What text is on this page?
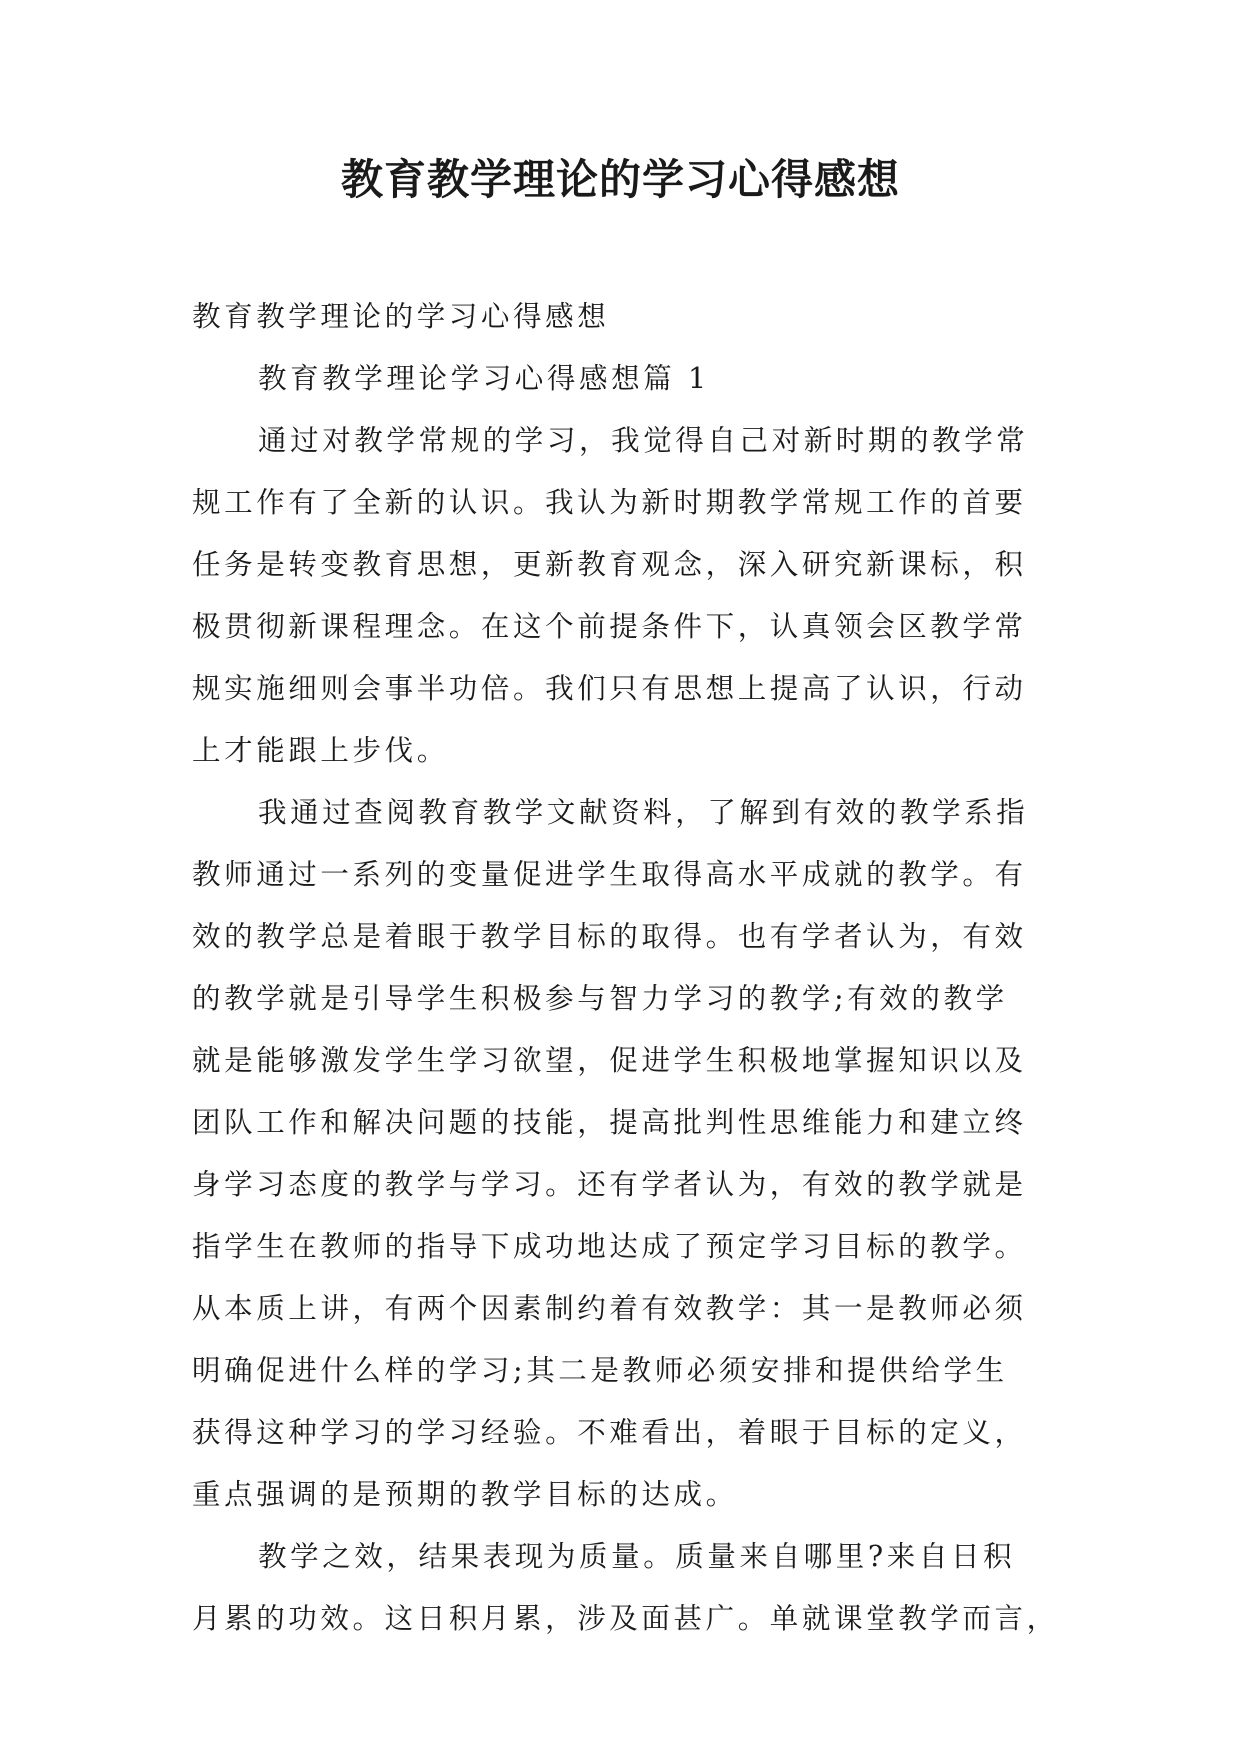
教育教学理论的学习心得感想
教育教学理论的学习心得感想
教育教学理论学习心得感想篇 1
通过对教学常规的学习，我觉得自己对新时期的教学常
规工作有了全新的认识。我认为新时期教学常规工作的首要
任务是转变教育思想，更新教育观念，深入研究新课标，积
极贯彻新课程理念。在这个前提条件下，认真领会区教学常
规实施细则会事半功倍。我们只有思想上提高了认识，行动
上才能跟上步伐。
我通过查阅教育教学文献资料，了解到有效的教学系指
教师通过一系列的变量促进学生取得高水平成就的教学。有
效的教学总是着眼于教学目标的取得。也有学者认为，有效
的教学就是引导学生积极参与智力学习的教学;有效的教学
就是能够激发学生学习欲望，促进学生积极地掌握知识以及
团队工作和解决问题的技能，提高批判性思维能力和建立终
身学习态度的教学与学习。还有学者认为，有效的教学就是
指学生在教师的指导下成功地达成了预定学习目标的教学。
从本质上讲，有两个因素制约着有效教学：其一是教师必须
明确促进什么样的学习;其二是教师必须安排和提供给学生
获得这种学习的学习经验。不难看出，着眼于目标的定义，
重点强调的是预期的教学目标的达成。
教学之效，结果表现为质量。质量来自哪里?来自日积
月累的功效。这日积月累，涉及面甚广。单就课堂教学而言，
